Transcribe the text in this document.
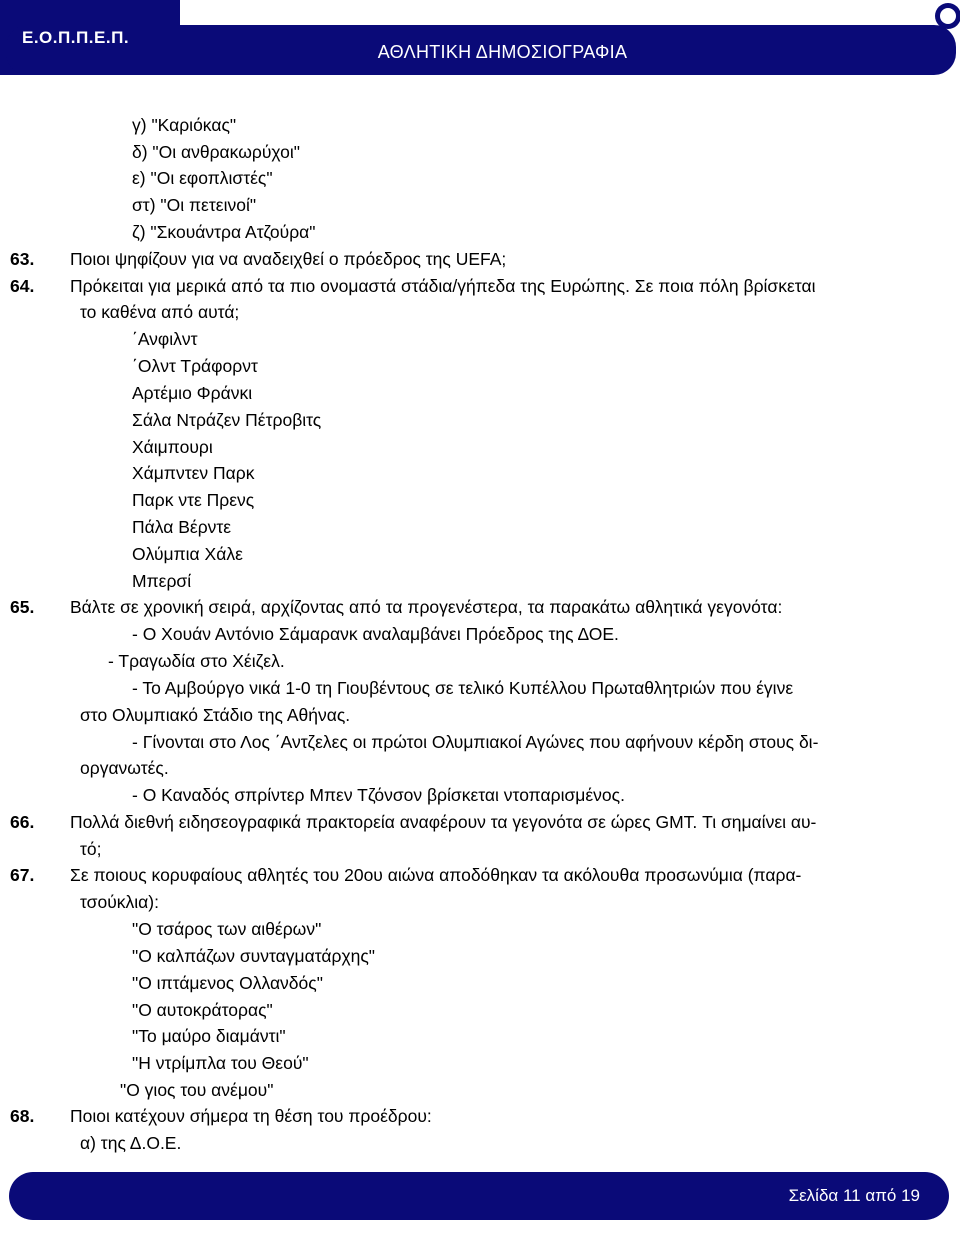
Ε.Ο.Π.Π.Ε.Π.
ΑΘΛΗΤΙΚΗ ΔΗΜΟΣΙΟΓΡΑΦΙΑ
γ) "Καριόκας"
δ) "Οι ανθρακωρύχοι"
ε) "Οι εφοπλιστές"
στ) "Οι πετεινοί"
ζ) "Σκουάντρα Ατζούρα"
63. Ποιοι ψηφίζουν για να αναδειχθεί ο πρόεδρος της UEFA;
64. Πρόκειται για μερικά από τα πιο ονομαστά στάδια/γήπεδα της Ευρώπης. Σε ποια πόλη βρίσκεται
το καθένα από αυτά;
΄Ανφιλντ
΄Ολντ Τράφορντ
Αρτέμιο Φράνκι
Σάλα Ντράζεν Πέτροβιτς
Χάιμπουρι
Χάμπντεν Παρκ
Παρκ ντε Πρενς
Πάλα Βέρντε
Ολύμπια Χάλε
Μπερσί
65. Βάλτε σε χρονική σειρά, αρχίζοντας από τα προγενέστερα, τα παρακάτω αθλητικά γεγονότα:
- Ο Χουάν Αντόνιο Σάμαρανκ αναλαμβάνει Πρόεδρος της ΔΟΕ.
- Τραγωδία στο Χέιζελ.
- Το Αμβούργο νικά 1-0 τη Γιουβέντους σε τελικό Κυπέλλου Πρωταθλητριών που έγινε
στο Ολυμπιακό Στάδιο της Αθήνας.
- Γίνονται στο Λος ΄Αντζελες οι πρώτοι Ολυμπιακοί Αγώνες που αφήνουν κέρδη στους δι-
οργανωτές.
- Ο Καναδός σπρίντερ Μπεν Τζόνσον βρίσκεται ντοπαρισμένος.
66. Πολλά διεθνή ειδησεογραφικά πρακτορεία αναφέρουν τα γεγονότα σε ώρες GMT. Τι σημαίνει αυ-
τό;
67. Σε ποιους κορυφαίους αθλητές του 20ου αιώνα αποδόθηκαν τα ακόλουθα προσωνύμια (παρα-
τσούκλια):
"Ο τσάρος των αιθέρων"
"Ο καλπάζων συνταγματάρχης"
"Ο ιπτάμενος Ολλανδός"
"Ο αυτοκράτορας"
"Το μαύρο διαμάντι"
"Η ντρίμπλα του Θεού"
"Ο γιος του ανέμου"
68. Ποιοι κατέχουν σήμερα τη θέση του προέδρου:
α) της Δ.Ο.Ε.
Σελίδα 11 από 19
